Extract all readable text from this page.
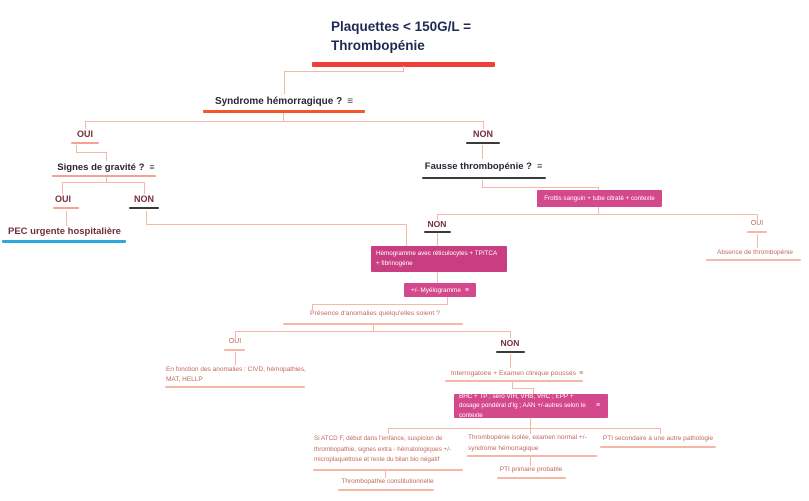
Plaquettes < 150G/L = Thrombopénie
Syndrome hémorragique ? ≡
OUI	NON
Signes de gravité ? ≡
OUI	NON
PEC urgente hospitalière
Fausse thrombopénie ? ≡
Frottis sanguin + tube citraté + contexte
NON	OUI
Absence de thrombopénie
Hémogramme avec réticulocytes + TP/TCA + fibrinogène
+/- Myélogramme ≡
Présence d'anomalies quelqu'elles soient ?
OUI	NON
En fonction des anomalies : CIVD, hémopathies, MAT, HELLP
Interrogatoire + Examen clinique poussés ≡
BHC + TP ; séro VIH, VHB, VHC ; EPP + dosage pondéral d'Ig ; AAN +/-autres selon le contexte
≡
Si ATCD F, début dans l'enfance, suspicion de thrombopathie, signes extra - hématologiques +/- microplaquettose et reste du bilan bio négatif
Thrombopathie constitutionnelle
Thrombopénie isolée, examen normal +/- syndrome hémorragique
PTI primaire probable
PTI secondaire à une autre pathologie
